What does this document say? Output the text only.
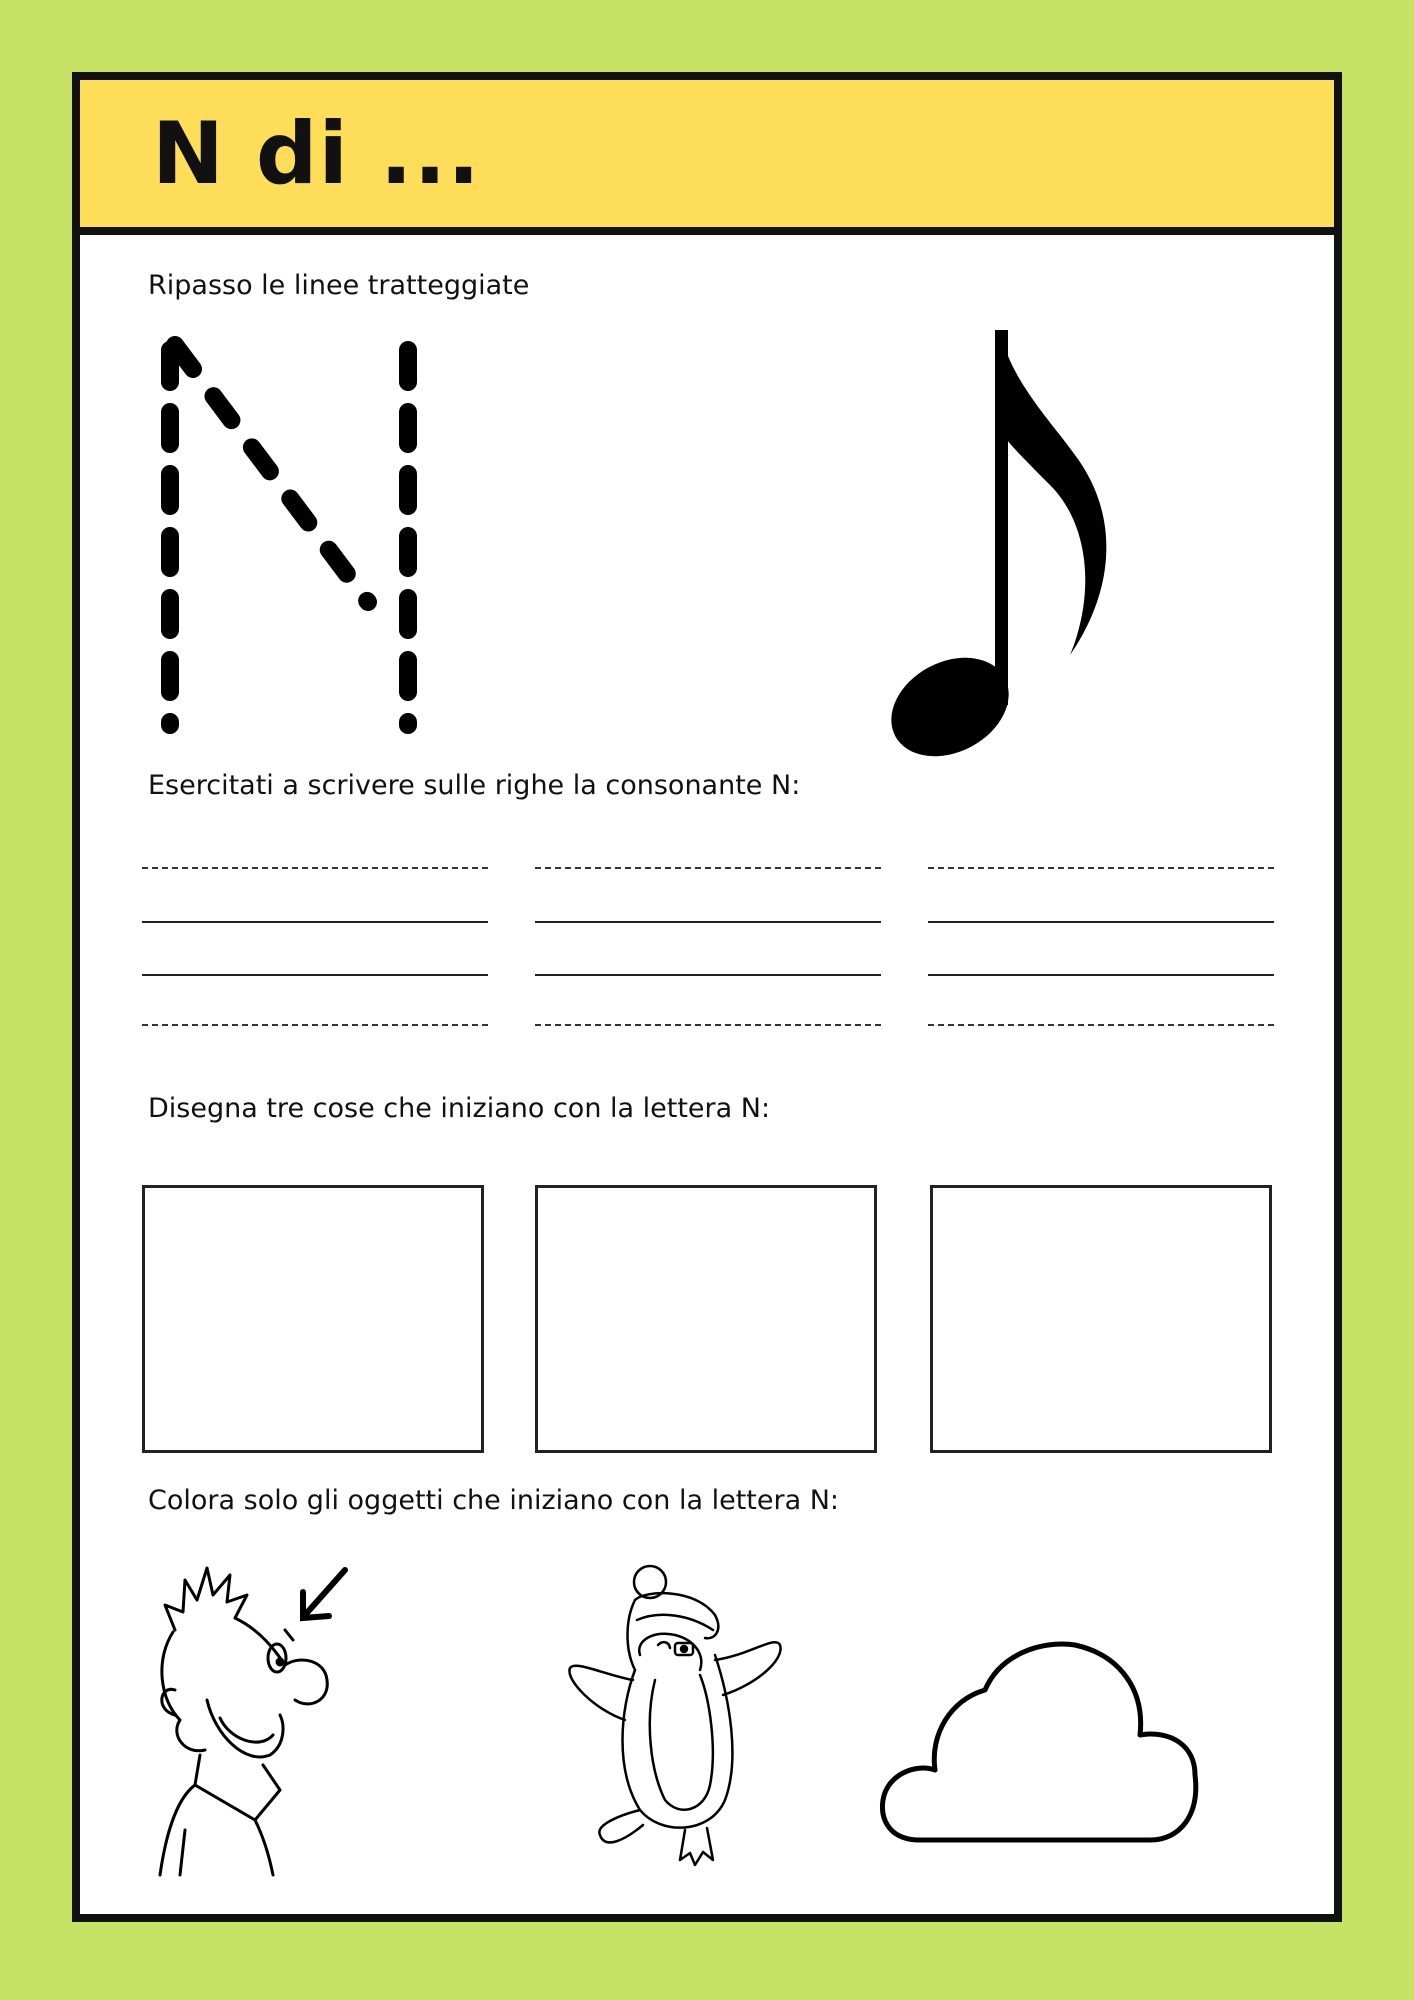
N di ...
Ripasso le linee tratteggiate
Esercitati a scrivere sulle righe la consonante N:
Disegna tre cose che iniziano con la lettera N:
Colora solo gli oggetti che iniziano con la lettera N:
